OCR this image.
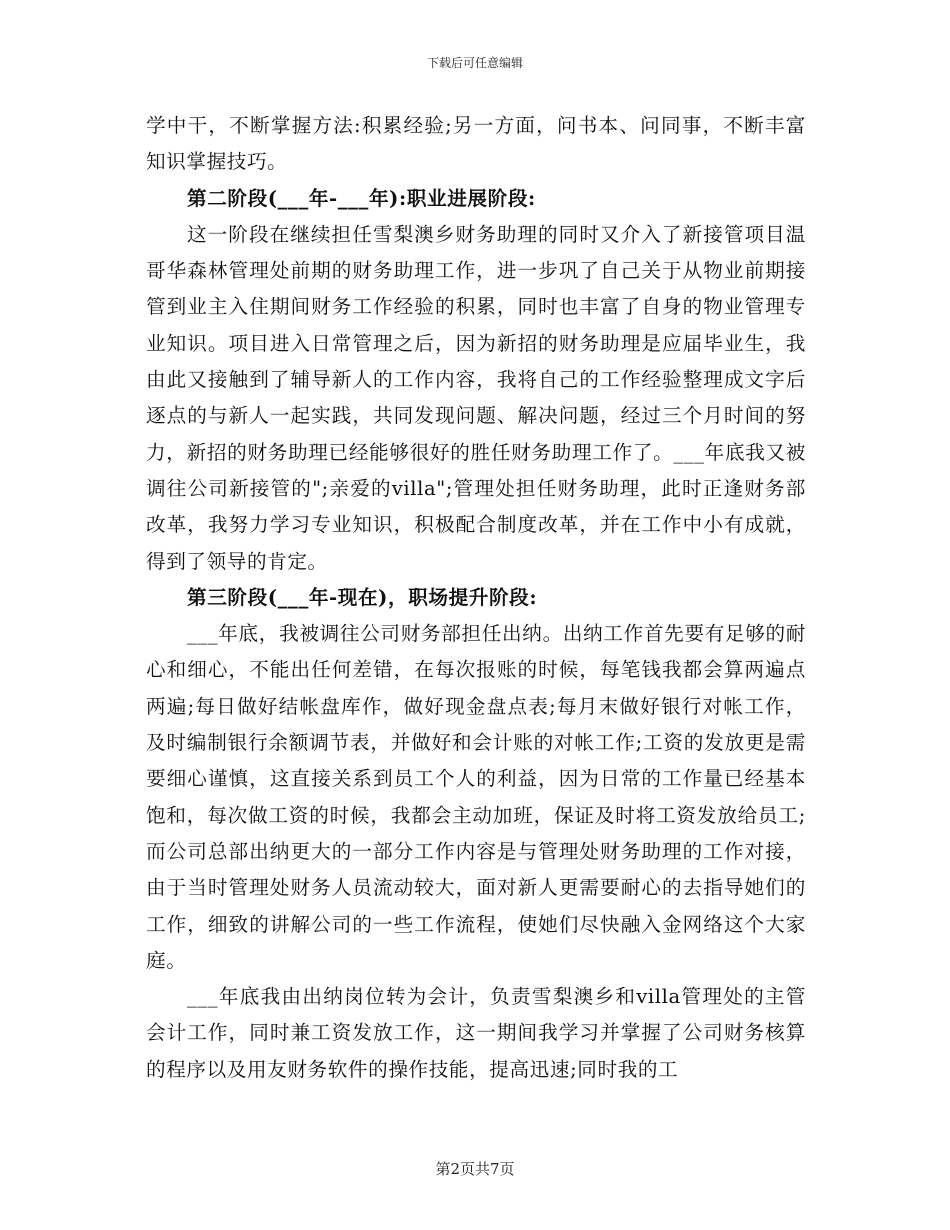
下载后可任意编辑

学中干，不断掌握方法:积累经验;另一方面，问书本、问同事，不断丰富知识掌握技巧。

第二阶段(___年-___年):职业进展阶段:

这一阶段在继续担任雪梨澳乡财务助理的同时又介入了新接管项目温哥华森林管理处前期的财务助理工作，进一步巩了自己关于从物业前期接管到业主入住期间财务工作经验的积累，同时也丰富了自身的物业管理专业知识。项目进入日常管理之后，因为新招的财务助理是应届毕业生，我由此又接触到了辅导新人的工作内容，我将自己的工作经验整理成文字后逐点的与新人一起实践，共同发现问题、解决问题，经过三个月时间的努力，新招的财务助理已经能够很好的胜任财务助理工作了。___年底我又被调往公司新接管的";亲爱的villa";管理处担任财务助理，此时正逢财务部改革，我努力学习专业知识，积极配合制度改革，并在工作中小有成就，得到了领导的肯定。

第三阶段(___年-现在)，职场提升阶段:

___年底，我被调往公司财务部担任出纳。出纳工作首先要有足够的耐心和细心，不能出任何差错，在每次报账的时候，每笔钱我都会算两遍点两遍;每日做好结帐盘库作，做好现金盘点表;每月末做好银行对帐工作，及时编制银行余额调节表，并做好和会计账的对帐工作;工资的发放更是需要细心谨慎，这直接关系到员工个人的利益，因为日常的工作量已经基本饱和，每次做工资的时候，我都会主动加班，保证及时将工资发放给员工;而公司总部出纳更大的一部分工作内容是与管理处财务助理的工作对接，由于当时管理处财务人员流动较大，面对新人更需要耐心的去指导她们的工作，细致的讲解公司的一些工作流程，使她们尽快融入金网络这个大家庭。

___年底我由出纳岗位转为会计，负责雪梨澳乡和villa管理处的主管会计工作，同时兼工资发放工作，这一期间我学习并掌握了公司财务核算的程序以及用友财务软件的操作技能，提高迅速;同时我的工

第2页共7页
